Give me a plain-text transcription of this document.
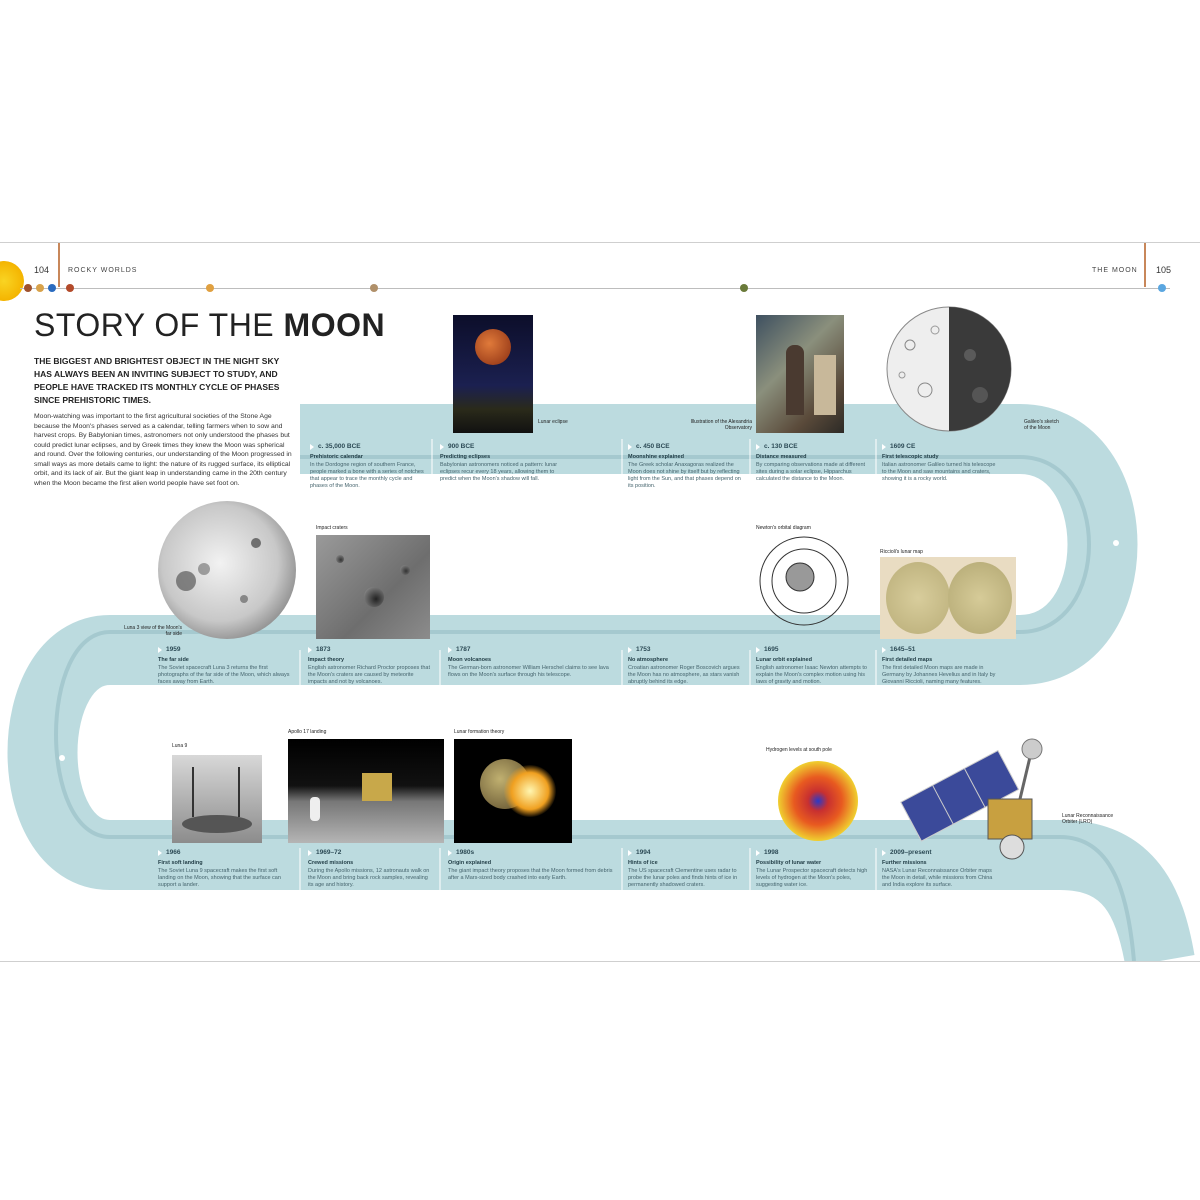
104	ROCKY WORLDS	THE MOON 105
STORY OF THE MOON
THE BIGGEST AND BRIGHTEST OBJECT IN THE NIGHT SKY HAS ALWAYS BEEN AN INVITING SUBJECT TO STUDY, AND PEOPLE HAVE TRACKED ITS MONTHLY CYCLE OF PHASES SINCE PREHISTORIC TIMES.
Moon-watching was important to the first agricultural societies of the Stone Age because the Moon's phases served as a calendar, telling farmers when to sow and harvest crops. By Babylonian times, astronomers not only understood the phases but could predict lunar eclipses, and by Greek times they knew the Moon was spherical and round. Over the following centuries, our understanding of the Moon progressed in small ways as more details came to light: the nature of its rugged surface, its elliptical orbit, and its lack of air. But the giant leap in understanding came in the 20th century when the Moon became the first alien world people have set foot on.
c. 35,000 BCE
Prehistoric calendar
In the Dordogne region of southern France, people marked a bone with a series of notches that appear to trace the monthly cycle and phases of the Moon.
900 BCE
Predicting eclipses
Babylonian astronomers noticed a pattern: lunar eclipses recur every 18 years, allowing them to predict when the Moon's shadow will fall.
c. 450 BCE
Moonshine explained
The Greek scholar Anaxagoras realized the Moon does not shine by itself but by reflecting light from the Sun, and that phases depend on its position.
c. 130 BCE
Distance measured
By comparing observations made at different sites during a solar eclipse, Hipparchus calculated the distance to the Moon.
1609 CE
First telescopic study
Italian astronomer Galileo turned his telescope to the Moon and saw mountains and craters, showing it is a rocky world.
1959
The far side
The Soviet spacecraft Luna 3 returns the first photographs of the far side of the Moon, which always faces away from Earth.
1873
Impact theory
English astronomer Richard Proctor proposes that the Moon's craters are caused by meteorite impacts and not by volcanoes.
1787
Moon volcanoes
The German-born astronomer William Herschel claims to see lava flows on the Moon's surface through his telescope.
1753
No atmosphere
Croatian astronomer Roger Boscovich argues the Moon has no atmosphere, as stars vanish abruptly behind its edge.
1695
Lunar orbit explained
English astronomer Isaac Newton attempts to explain the Moon's complex motion using his laws of gravity and motion.
1645–51
First detailed maps
The first detailed Moon maps are made in Germany by Johannes Hevelius and in Italy by Giovanni Riccioli, naming many features.
1966
First soft landing
The Soviet Luna 9 spacecraft makes the first soft landing on the Moon, showing that the surface can support a lander.
1969–72
Crewed missions
During the Apollo missions, 12 astronauts walk on the Moon and bring back rock samples, revealing its age and history.
1980s
Origin explained
The giant impact theory proposes that the Moon formed from debris after a Mars-sized body crashed into early Earth.
1994
Hints of ice
The US spacecraft Clementine uses radar to probe the lunar poles and finds hints of ice in permanently shadowed craters.
1998
Possibility of lunar water
The Lunar Prospector spacecraft detects high levels of hydrogen at the Moon's poles, suggesting water ice.
2009–present
Further missions
NASA's Lunar Reconnaissance Orbiter maps the Moon in detail, while missions from China and India explore its surface.
Lunar eclipse	Illustration of the Alexandria Observatory
Galileo's sketch of the Moon
Luna 3 view of the Moon's far side
Impact craters	Newton's orbital diagram
Riccioli's lunar map
Luna 9
Apollo 17 landing	Lunar formation theory
Hydrogen levels at south pole
Lunar Reconnaissance Orbiter (LRO)
